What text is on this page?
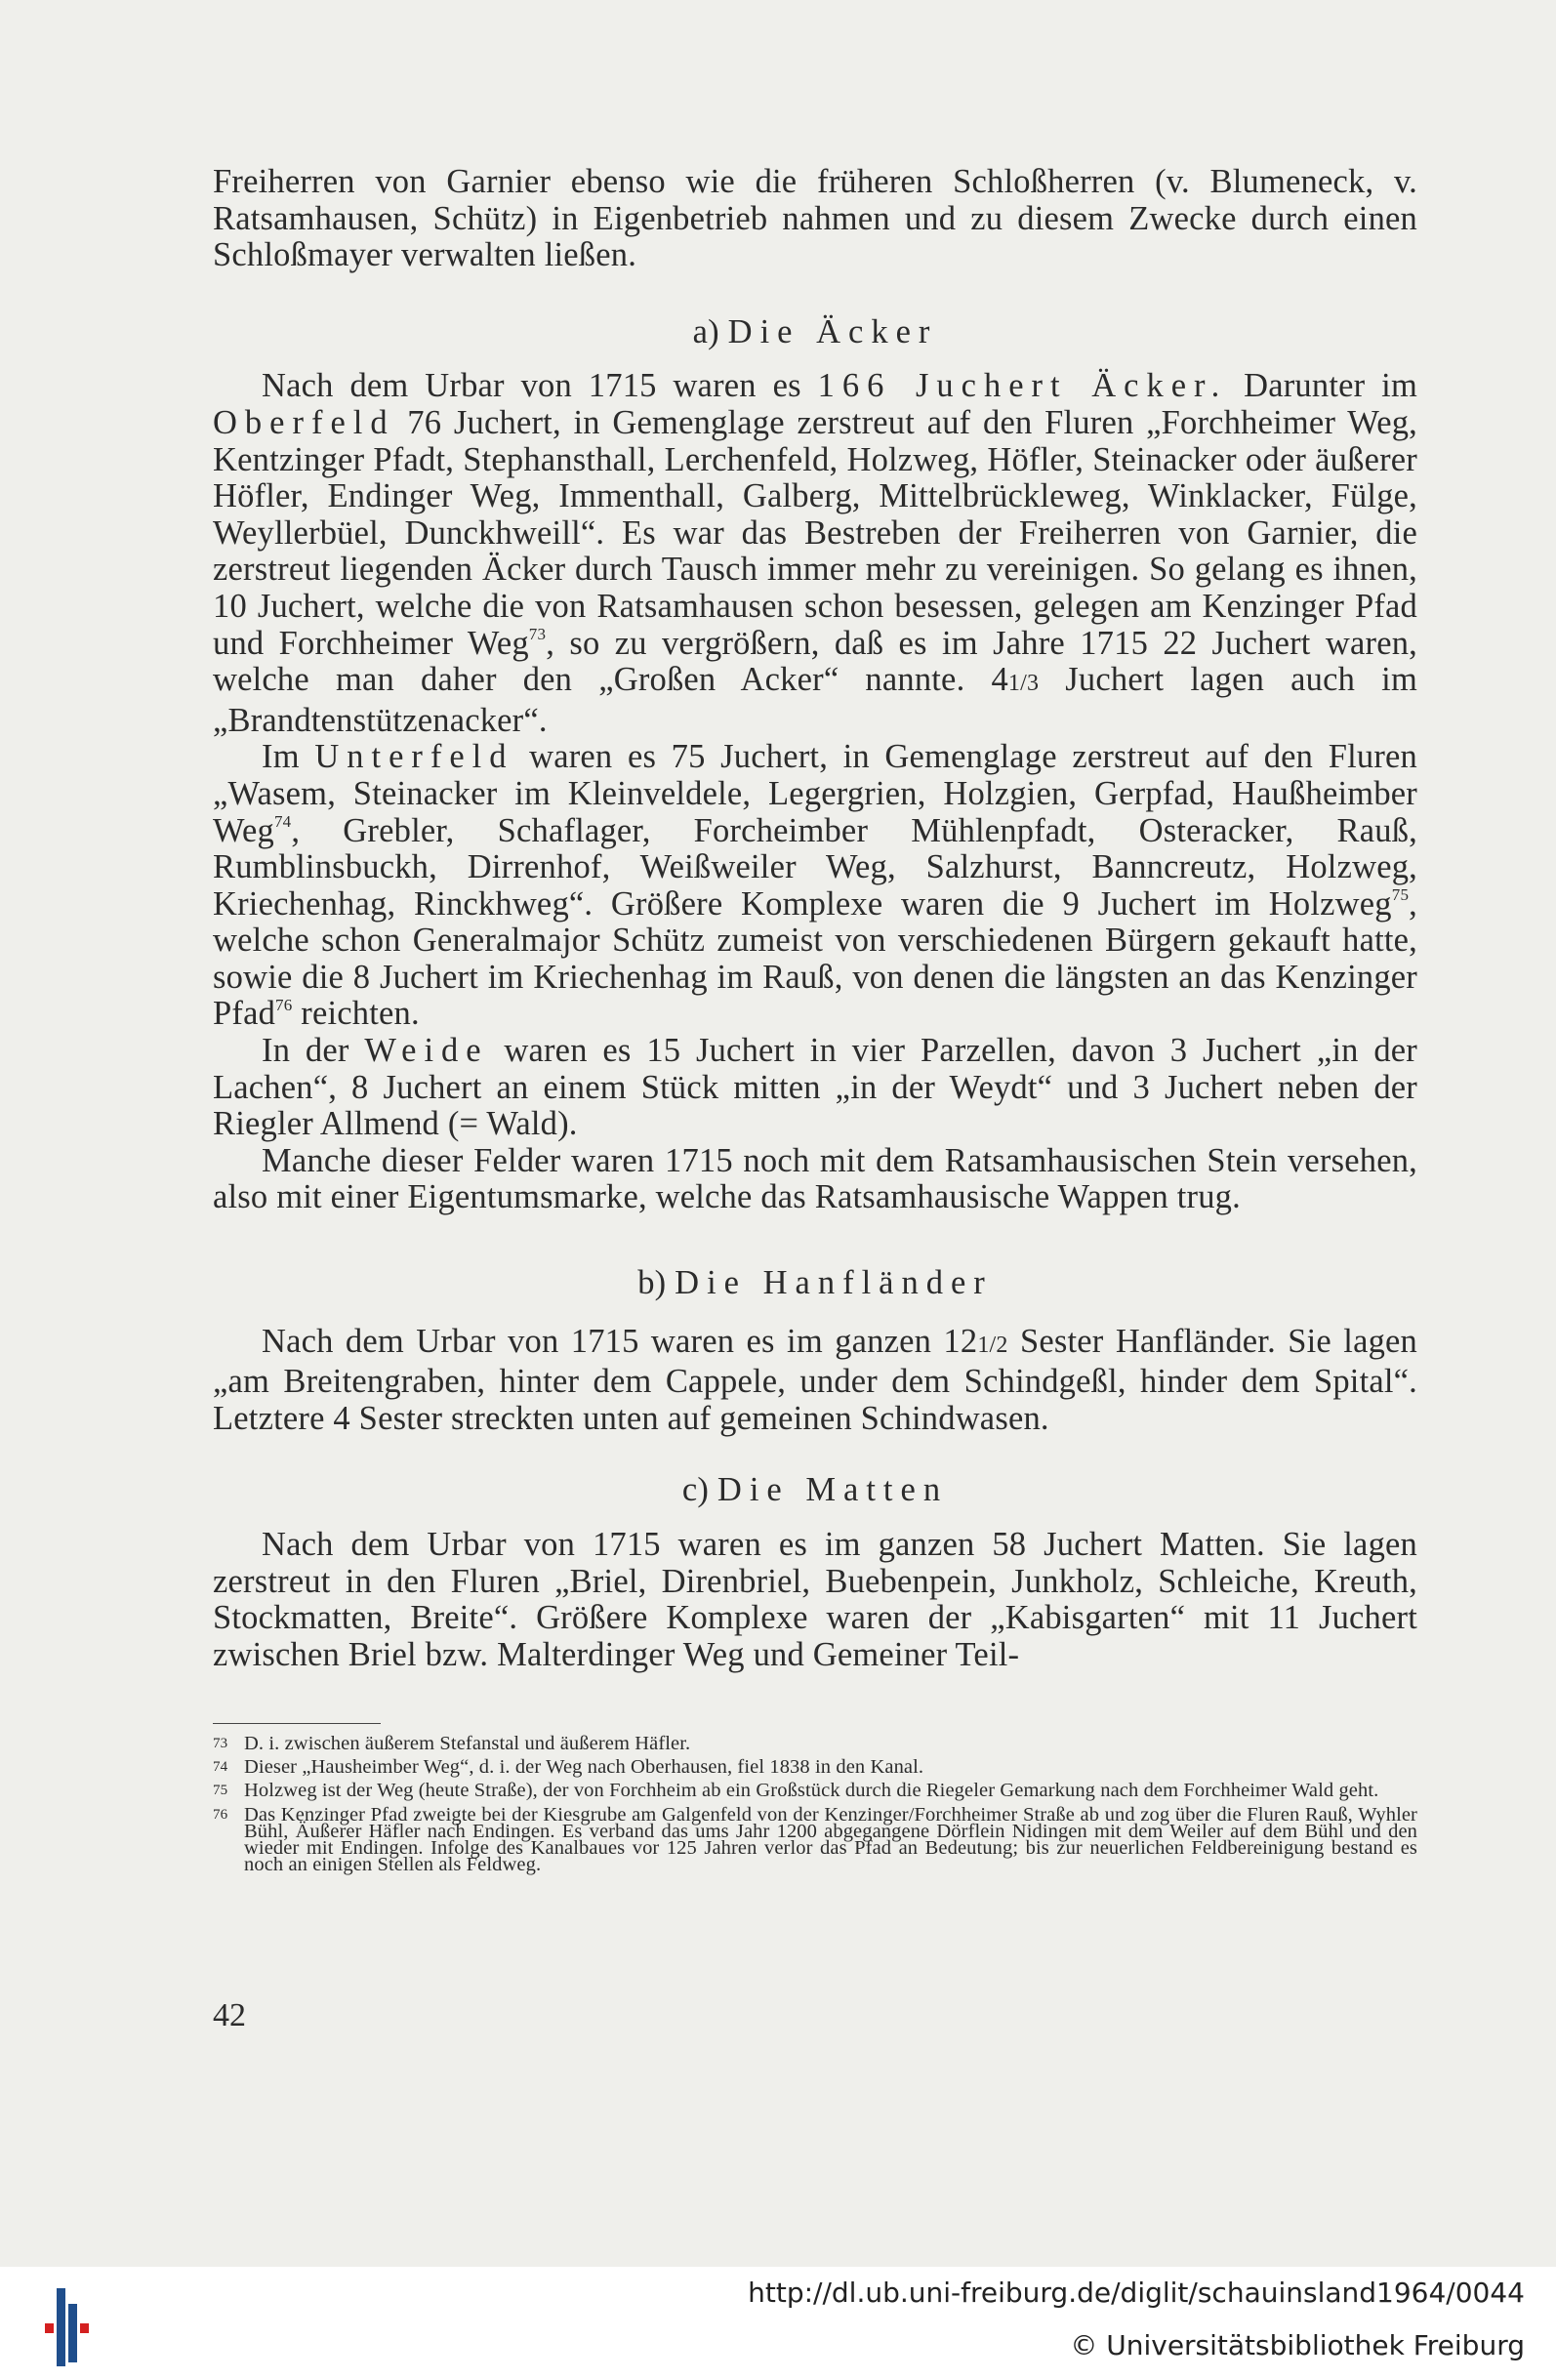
Freiherren von Garnier ebenso wie die früheren Schloßherren (v. Blumeneck, v. Ratsamhausen, Schütz) in Eigenbetrieb nahmen und zu diesem Zwecke durch einen Schloßmayer verwalten ließen.

a) Die Äcker

Nach dem Urbar von 1715 waren es 166 Juchert Äcker. Darunter im Oberfeld 76 Juchert, in Gemenglage zerstreut auf den Fluren „Forchheimer Weg, Kentzinger Pfadt, Stephansthall, Lerchenfeld, Holzweg, Höfler, Steinacker oder äußerer Höfler, Endinger Weg, Immenthall, Galberg, Mittelbrückleweg, Winklacker, Fülge, Weyllerbüel, Dunckhweill“. Es war das Bestreben der Freiherren von Garnier, die zerstreut liegenden Äcker durch Tausch immer mehr zu vereinigen. So gelang es ihnen, 10 Juchert, welche die von Ratsamhausen schon besessen, gelegen am Kenzinger Pfad und Forchheimer Weg$^{73}$, so zu vergrößern, daß es im Jahre 1715 22 Juchert waren, welche man daher den „Großen Acker“ nannte. 41/3 Juchert lagen auch im „Brandtenstützenacker“.

Im Unterfeld waren es 75 Juchert, in Gemenglage zerstreut auf den Fluren „Wasem, Steinacker im Kleinveldele, Legergrien, Holzgien, Gerpfad, Haußheimber Weg$^{74}$, Grebler, Schaflager, Forcheimber Mühlenpfadt, Osteracker, Rauß, Rumblinsbuckh, Dirrenhof, Weißweiler Weg, Salzhurst, Banncreutz, Holzweg, Kriechenhag, Rinckhweg“. Größere Komplexe waren die 9 Juchert im Holzweg$^{75}$, welche schon Generalmajor Schütz zumeist von verschiedenen Bürgern gekauft hatte, sowie die 8 Juchert im Kriechenhag im Rauß, von denen die längsten an das Kenzinger Pfad$^{76}$ reichten.

In der Weide waren es 15 Juchert in vier Parzellen, davon 3 Juchert „in der Lachen“, 8 Juchert an einem Stück mitten „in der Weydt“ und 3 Juchert neben der Riegler Allmend (= Wald).

Manche dieser Felder waren 1715 noch mit dem Ratsamhausischen Stein versehen, also mit einer Eigentumsmarke, welche das Ratsamhausische Wappen trug.

b) Die Hanfländer

Nach dem Urbar von 1715 waren es im ganzen 121/2 Sester Hanfländer. Sie lagen „am Breitengraben, hinter dem Cappele, under dem Schindgeßl, hinder dem Spital“. Letztere 4 Sester streckten unten auf gemeinen Schindwasen.

c) Die Matten

Nach dem Urbar von 1715 waren es im ganzen 58 Juchert Matten. Sie lagen zerstreut in den Fluren „Briel, Direnbriel, Buebenpein, Junkholz, Schleiche, Kreuth, Stockmatten, Breite“. Größere Komplexe waren der „Kabisgarten“ mit 11 Juchert zwischen Briel bzw. Malterdinger Weg und Gemeiner Teil-

73 D. i. zwischen äußerem Stefanstal und äußerem Häfler.
74 Dieser „Hausheimber Weg“, d. i. der Weg nach Oberhausen, fiel 1838 in den Kanal.
75 Holzweg ist der Weg (heute Straße), der von Forchheim ab ein Großstück durch die Riegeler Gemarkung nach dem Forchheimer Wald geht.
76 Das Kenzinger Pfad zweigte bei der Kiesgrube am Galgenfeld von der Kenzinger/Forchheimer Straße ab und zog über die Fluren Rauß, Wyhler Bühl, Äußerer Häfler nach Endingen. Es verband das ums Jahr 1200 abgegangene Dörflein Nidingen mit dem Weiler auf dem Bühl und den wieder mit Endingen. Infolge des Kanalbaues vor 125 Jahren verlor das Pfad an Bedeutung; bis zur neuerlichen Feldbereinigung bestand es noch an einigen Stellen als Feldweg.
42
http://dl.ub.uni-freiburg.de/diglit/schauinsland1964/0044
© Universitätsbibliothek Freiburg
